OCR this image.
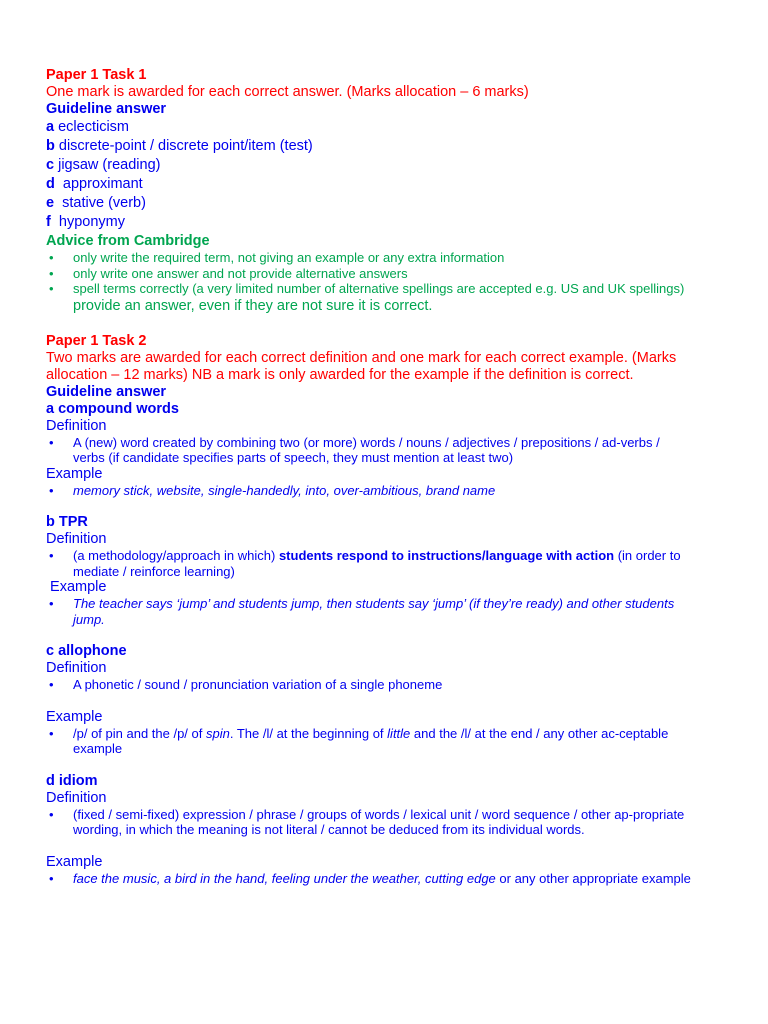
Paper 1 Task 1
One mark is awarded for each correct answer. (Marks allocation – 6 marks)
Guideline answer
a eclecticism
b discrete-point / discrete point/item (test)
c jigsaw (reading)
d  approximant
e  stative (verb)
f  hyponymy
Advice from Cambridge
• only write the required term, not giving an example or any extra information
• only write one answer and not provide alternative answers
• spell terms correctly (a very limited number of alternative spellings are accepted e.g. US and UK spellings)
provide an answer, even if they are not sure it is correct.
Paper 1 Task 2
Two marks are awarded for each correct definition and one mark for each correct example. (Marks allocation – 12 marks) NB a mark is only awarded for the example if the definition is correct.
Guideline answer
a compound words
Definition
• A (new) word created by combining two (or more) words / nouns / adjectives / prepositions / ad-verbs / verbs (if candidate specifies parts of speech, they must mention at least two)
Example
• memory stick, website, single-handedly, into, over-ambitious, brand name
b TPR
Definition
• (a methodology/approach in which) students respond to instructions/language with action (in order to mediate / reinforce learning)
Example
• The teacher says ‘jump’ and students jump, then students say ‘jump’ (if they’re ready) and other students jump.
c allophone
Definition
• A phonetic / sound / pronunciation variation of a single phoneme
Example
• /p/ of pin and the /p/ of spin. The /l/ at the beginning of little and the /l/ at the end / any other ac-ceptable example
d idiom
Definition
• (fixed / semi-fixed) expression / phrase / groups of words / lexical unit / word sequence / other ap-propriate wording, in which the meaning is not literal / cannot be deduced from its individual words.
Example
• face the music, a bird in the hand, feeling under the weather, cutting edge or any other appropriate example
